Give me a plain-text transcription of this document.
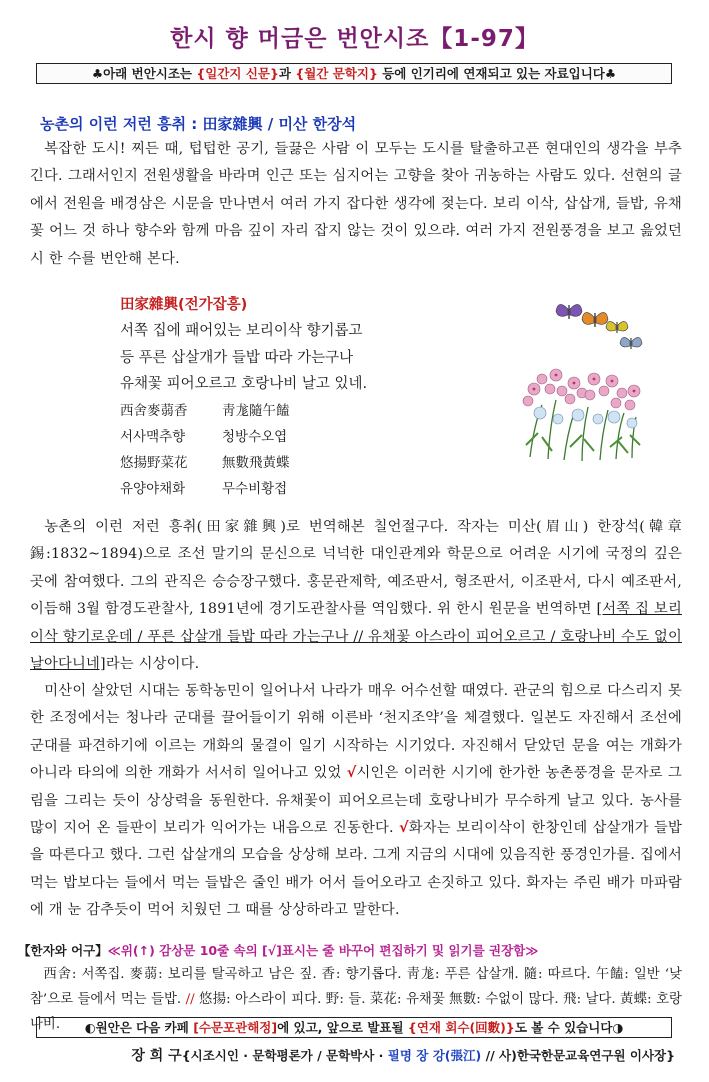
한시 향 머금은 번안시조【1-97】
♣아래 번안시조는 {일간지 신문}과 {월간 문학지} 등에 인기리에 연재되고 있는 자료입니다♣
농촌의 이런 저런 흥취 : 田家雜興 / 미산 한장석

복잡한 도시! 찌든 때, 텁텁한 공기, 들끓은 사람 이 모두는 도시를 탈출하고픈 현대인의 생각을 부추긴다. 그래서인지 전원생활을 바라며 인근 또는 심지어는 고향을 찾아 귀농하는 사람도 있다. 선현의 글에서 전원을 배경삼은 시문을 만나면서 여러 가지 잡다한 생각에 젖는다. 보리 이삭, 삽삽개, 들밥, 유채꽃 어느 것 하나 향수와 함께 마음 깊이 자리 잡지 않는 것이 있으랴. 여러 가지 전원풍경을 보고 읊었던 시 한 수를 번안해 본다.

田家雜興(전가잡흥)
서쪽 집에 패어있는 보리이삭 향기롭고
등 푸른 삽살개가 들밥 따라 가는구나
유채꽃 피어오르고 호랑나비 날고 있네.
西舍麥蒻香	靑尨隨午饁
서사맥추향	청방수오엽
悠揚野菜花	無數飛黃蝶
유양야채화	무수비황접

농촌의 이런 저런 흥취(田家雜興)로 번역해본 칠언절구다. 작자는 미산(眉山) 한장석(韓章錫:1832~1894)으로 조선 말기의 문신으로 넉넉한 대인관계와 학문으로 어려운 시기에 국정의 깊은 곳에 참여했다. 그의 관직은 승승장구했다. 홍문관제학, 예조판서, 형조판서, 이조판서, 다시 예조판서, 이듬해 3월 함경도관찰사, 1891년에 경기도관찰사를 역임했다. 위 한시 원문을 번역하면 [서쪽 집 보리 이삭 향기로운데 / 푸른 삽살개 들밥 따라 가는구나 // 유채꽃 아스라이 피어오르고 / 호랑나비 수도 없이 날아다니네]라는 시상이다.

미산이 살았던 시대는 동학농민이 일어나서 나라가 매우 어수선할 때였다. 관군의 힘으로 다스리지 못한 조정에서는 청나라 군대를 끌어들이기 위해 이른바 ‘천지조약’을 체결했다. 일본도 자진해서 조선에 군대를 파견하기에 이르는 개화의 물결이 일기 시작하는 시기었다. 자진해서 닫았던 문을 여는 개화가 아니라 타의에 의한 개화가 서서히 일어나고 있었 √시인은 이러한 시기에 한가한 농촌풍경을 문자로 그림을 그리는 듯이 상상력을 동원한다. 유채꽃이 피어오르는데 호랑나비가 무수하게 날고 있다. 농사를 많이 지어 온 들판이 보리가 익어가는 내음으로 진동한다. √화자는 보리이삭이 한창인데 삽살개가 들밥을 따른다고 했다. 그런 삽살개의 모습을 상상해 보라. 그게 지금의 시대에 있음직한 풍경인가를. 집에서 먹는 밥보다는 들에서 먹는 들밥은 줄인 배가 어서 들어오라고 손짓하고 있다. 화자는 주린 배가 마파람에 개 눈 감추듯이 먹어 치웠던 그 때를 상상하라고 말한다.

【한자와 어구】≪위(↑) 감상문 10줄 속의 [√]표시는 줄 바꾸어 편집하기 및 읽기를 권장함≫

西舍: 서쪽집. 麥蒻: 보리를 탈곡하고 남은 짚. 香: 향기롭다. 靑尨: 푸른 삽살개. 隨: 따르다. 午饁: 일반 ‘낮참’으로 들에서 먹는 들밥. // 悠揚: 아스라이 피다. 野: 들. 菜花: 유채꽃 無數: 수없이 많다. 飛: 날다. 黃蝶: 호랑나비.	◐원안은 다음 카페 [수문포관해정]에 있고, 앞으로 발표될 {연재 회수(回數)}도 볼 수 있습니다◑
장 희 구{시조시인 · 문학평론가 / 문학박사 · 필명 장 강(張江) // 사)한국한문교육연구원 이사장}
